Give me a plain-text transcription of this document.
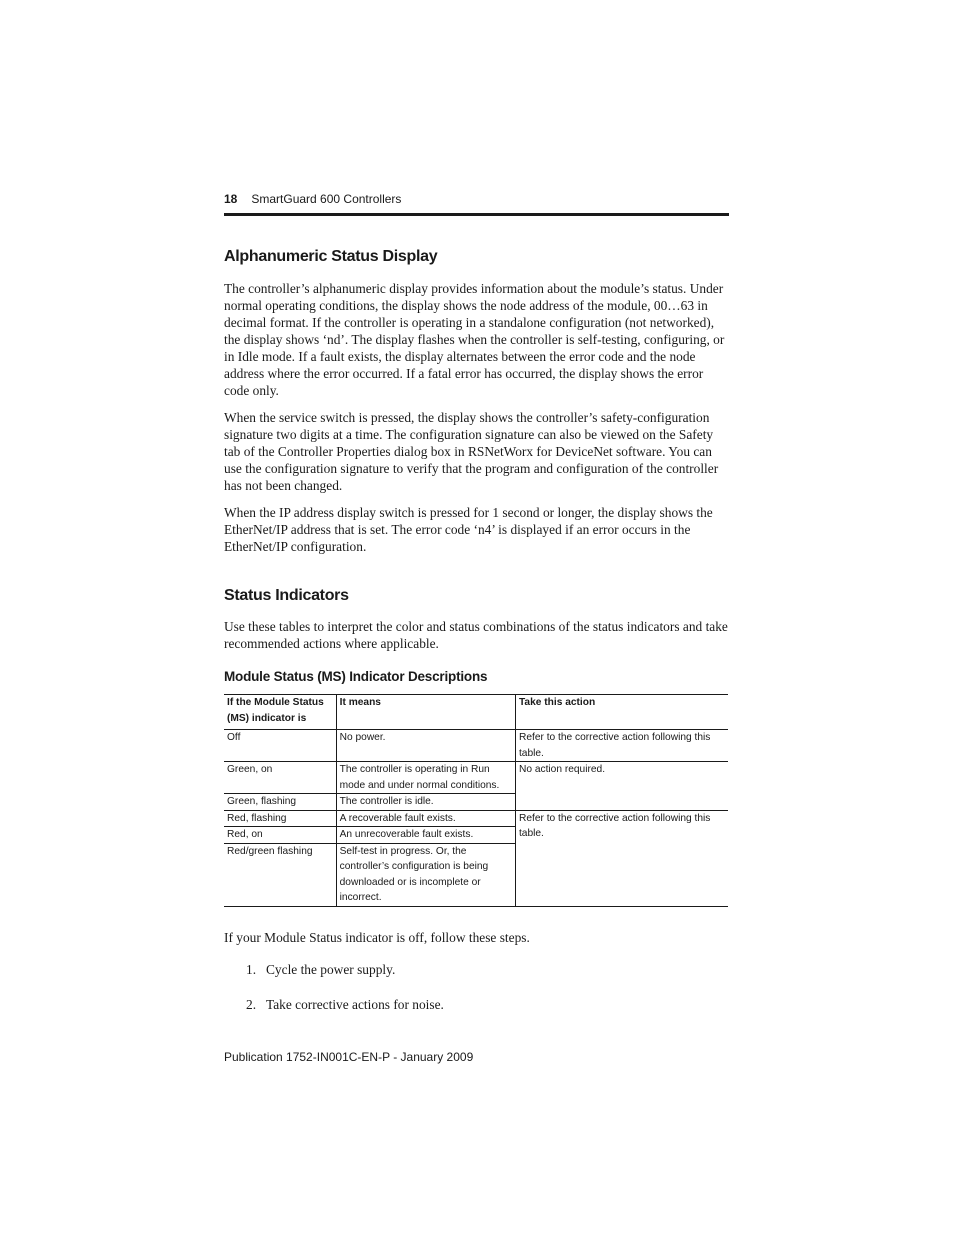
18 SmartGuard 600 Controllers
Alphanumeric Status Display

The controller’s alphanumeric display provides information about the module’s status. Under normal operating conditions, the display shows the node address of the module, 00…63 in decimal format. If the controller is operating in a standalone configuration (not networked), the display shows ‘nd’. The display flashes when the controller is self-testing, configuring, or in Idle mode. If a fault exists, the display alternates between the error code and the node address where the error occurred. If a fatal error has occurred, the display shows the error code only.

When the service switch is pressed, the display shows the controller’s safety-configuration signature two digits at a time. The configuration signature can also be viewed on the Safety tab of the Controller Properties dialog box in RSNetWorx for DeviceNet software. You can use the configuration signature to verify that the program and configuration of the controller has not been changed.

When the IP address display switch is pressed for 1 second or longer, the display shows the EtherNet/IP address that is set. The error code ‘n4’ is displayed if an error occurs in the EtherNet/IP configuration.

Status Indicators

Use these tables to interpret the color and status combinations of the status indicators and take recommended actions where applicable.

Module Status (MS) Indicator Descriptions
If the Module Status (MS) indicator is	It means	Take this action
Off	No power.	Refer to the corrective action following this table.
Green, on	The controller is operating in Run mode and under normal conditions.	No action required.
Green, flashing	The controller is idle.	
Red, flashing	A recoverable fault exists.	Refer to the corrective action following this table.
Red, on	An unrecoverable fault exists.	
Red/green flashing	Self-test in progress. Or, the controller’s configuration is being downloaded or is incomplete or incorrect.	

If your Module Status indicator is off, follow these steps.

1. Cycle the power supply.
2. Take corrective actions for noise.
Publication 1752-IN001C-EN-P - January 2009
